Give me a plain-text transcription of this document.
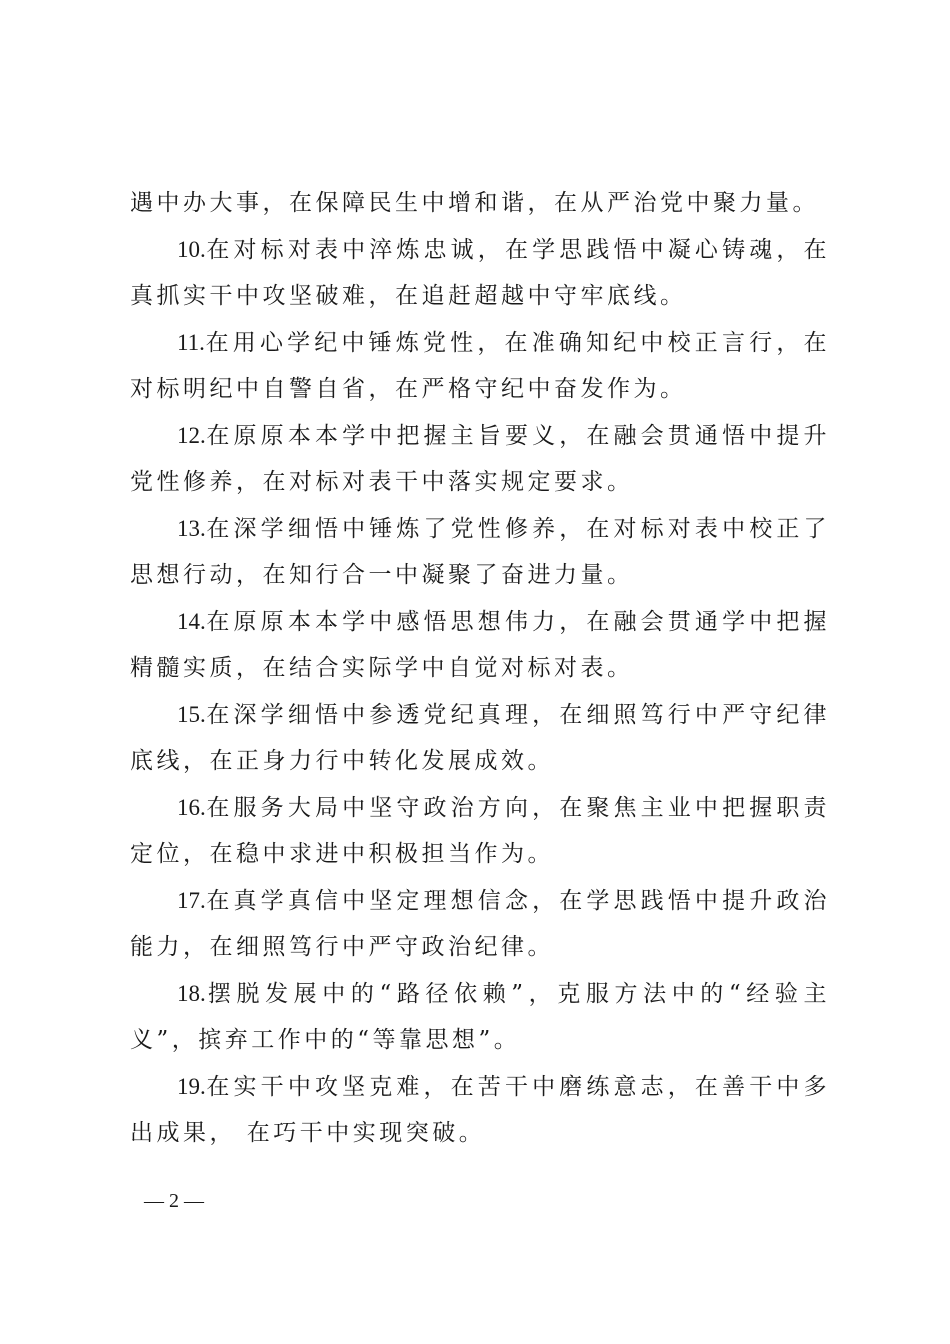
遇中办大事，在保障民生中增和谐，在从严治党中聚力量。

10.在对标对表中淬炼忠诚，在学思践悟中凝心铸魂，在真抓实干中攻坚破难，在追赶超越中守牢底线。

11.在用心学纪中锤炼党性，在准确知纪中校正言行，在对标明纪中自警自省，在严格守纪中奋发作为。

12.在原原本本学中把握主旨要义，在融会贯通悟中提升党性修养，在对标对表干中落实规定要求。

13.在深学细悟中锤炼了党性修养，在对标对表中校正了思想行动，在知行合一中凝聚了奋进力量。

14.在原原本本学中感悟思想伟力，在融会贯通学中把握精髓实质，在结合实际学中自觉对标对表。

15.在深学细悟中参透党纪真理，在细照笃行中严守纪律底线，在正身力行中转化发展成效。

16.在服务大局中坚守政治方向，在聚焦主业中把握职责定位，在稳中求进中积极担当作为。

17.在真学真信中坚定理想信念，在学思践悟中提升政治能力，在细照笃行中严守政治纪律。

18.摆脱发展中的“路径依赖”，克服方法中的“经验主义”，摈弃工作中的“等靠思想”。

19.在实干中攻坚克难，在苦干中磨练意志，在善干中多出成果， 在巧干中实现突破。

— 2 —
